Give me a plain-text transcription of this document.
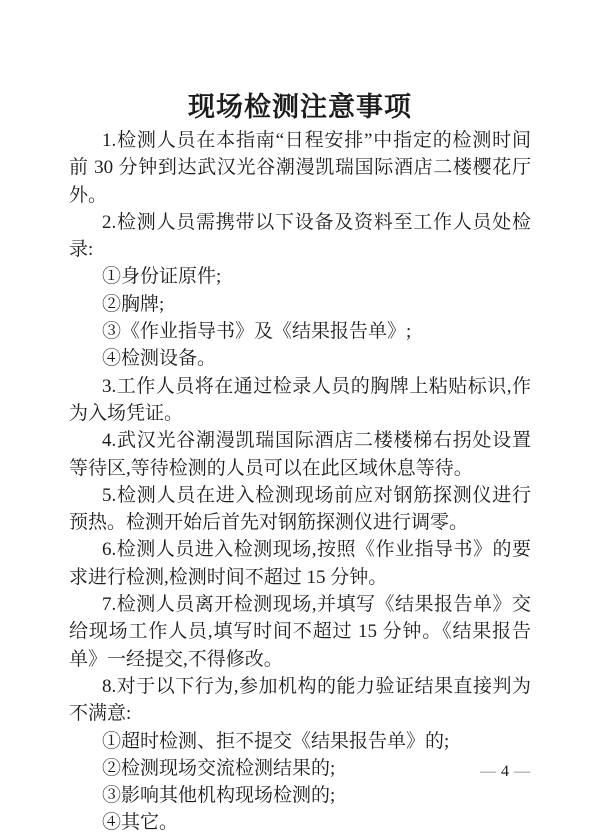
现场检测注意事项

1.检测人员在本指南“日程安排”中指定的检测时间前 30 分钟到达武汉光谷潮漫凯瑞国际酒店二楼樱花厅外。

2.检测人员需携带以下设备及资料至工作人员处检录:

①身份证原件;

②胸牌;

③《作业指导书》及《结果报告单》;

④检测设备。

3.工作人员将在通过检录人员的胸牌上粘贴标识,作为入场凭证。

4.武汉光谷潮漫凯瑞国际酒店二楼楼梯右拐处设置等待区,等待检测的人员可以在此区域休息等待。

5.检测人员在进入检测现场前应对钢筋探测仪进行预热。检测开始后首先对钢筋探测仪进行调零。

6.检测人员进入检测现场,按照《作业指导书》的要求进行检测,检测时间不超过 15 分钟。

7.检测人员离开检测现场,并填写《结果报告单》交给现场工作人员,填写时间不超过 15 分钟。《结果报告单》一经提交,不得修改。

8.对于以下行为,参加机构的能力验证结果直接判为不满意:

①超时检测、拒不提交《结果报告单》的;

②检测现场交流检测结果的;

③影响其他机构现场检测的;

④其它。

— 4 —
